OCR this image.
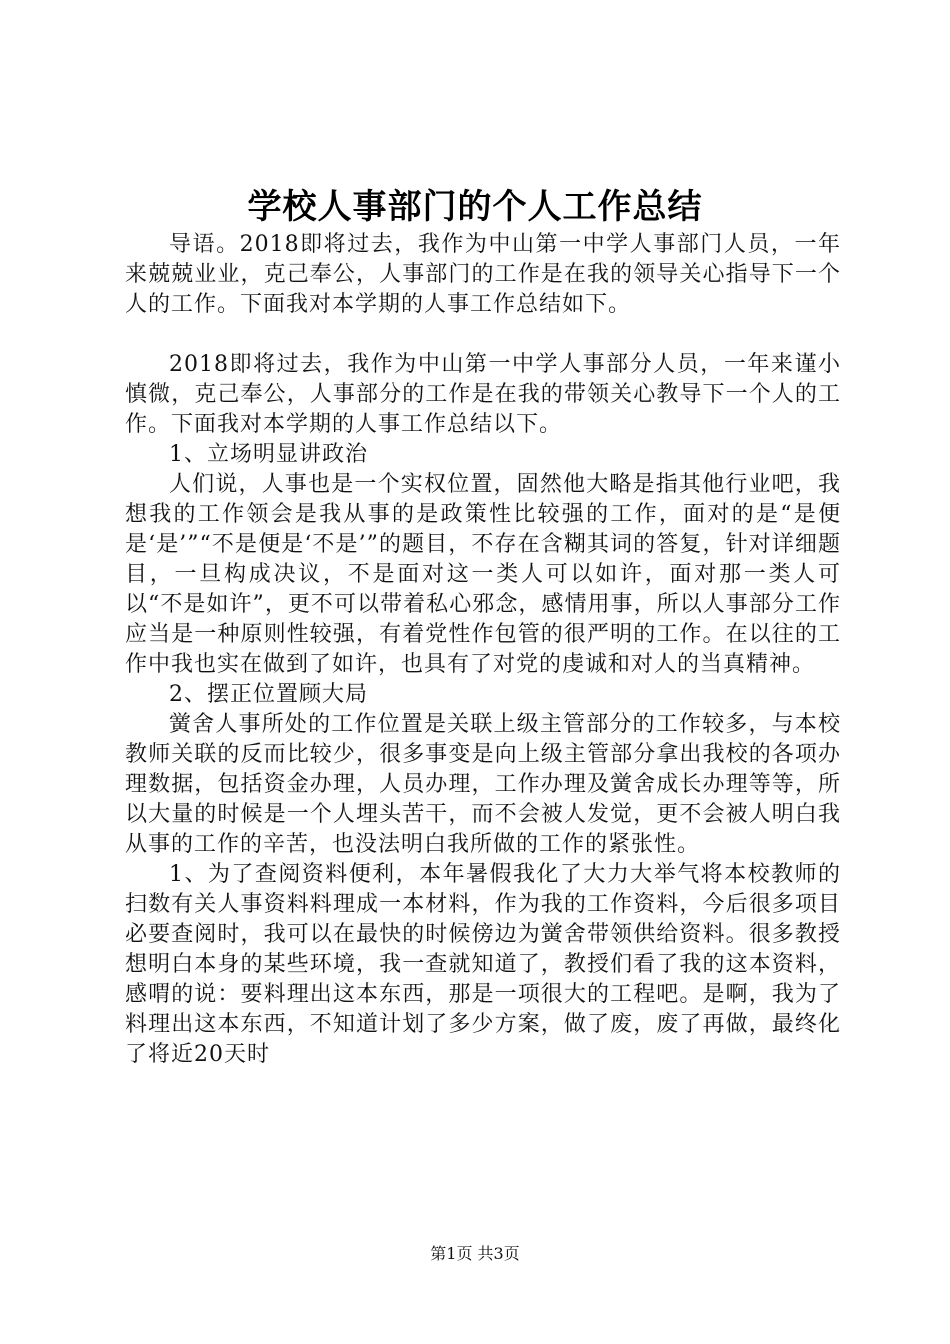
学校人事部门的个人工作总结

导语。2018即将过去，我作为中山第一中学人事部门人员，一年来兢兢业业，克己奉公，人事部门的工作是在我的领导关心指导下一个人的工作。下面我对本学期的人事工作总结如下。

2018即将过去，我作为中山第一中学人事部分人员，一年来谨小慎微，克己奉公，人事部分的工作是在我的带领关心教导下一个人的工作。下面我对本学期的人事工作总结以下。

1、立场明显讲政治

人们说，人事也是一个实权位置，固然他大略是指其他行业吧，我想我的工作领会是我从事的是政策性比较强的工作，面对的是“是便是‘是’”“不是便是‘不是’”的题目，不存在含糊其词的答复，针对详细题目，一旦构成决议，不是面对这一类人可以如许，面对那一类人可以“不是如许”，更不可以带着私心邪念，感情用事，所以人事部分工作应当是一种原则性较强，有着党性作包管的很严明的工作。在以往的工作中我也实在做到了如许，也具有了对党的虔诚和对人的当真精神。

2、摆正位置顾大局

黉舍人事所处的工作位置是关联上级主管部分的工作较多，与本校教师关联的反而比较少，很多事变是向上级主管部分拿出我校的各项办理数据，包括资金办理，人员办理，工作办理及黉舍成长办理等等，所以大量的时候是一个人埋头苦干，而不会被人发觉，更不会被人明白我从事的工作的辛苦，也没法明白我所做的工作的紧张性。

1、为了查阅资料便利，本年暑假我化了大力大举气将本校教师的扫数有关人事资料料理成一本材料，作为我的工作资料，今后很多项目必要查阅时，我可以在最快的时候傍边为黉舍带领供给资料。很多教授想明白本身的某些环境，我一查就知道了，教授们看了我的这本资料，感喟的说：要料理出这本东西，那是一项很大的工程吧。是啊，我为了料理出这本东西，不知道计划了多少方案，做了废，废了再做，最终化了将近20天时

第1页 共3页
